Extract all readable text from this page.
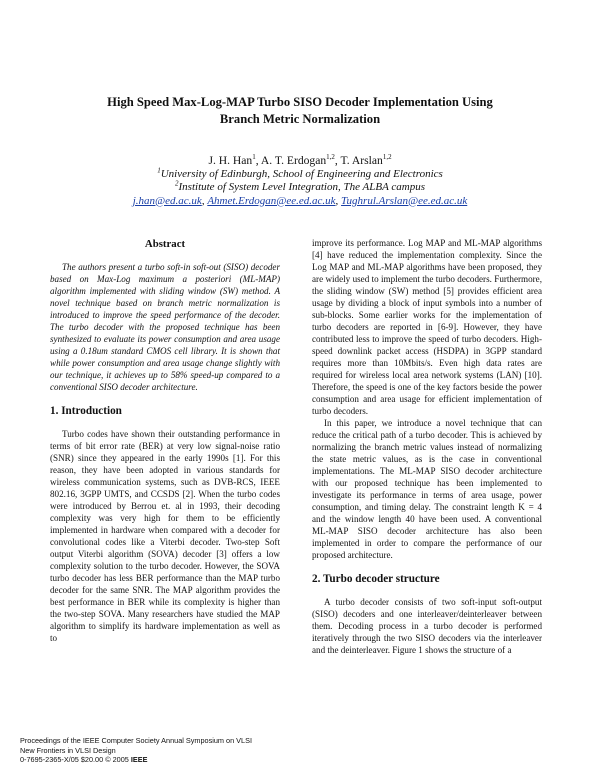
High Speed Max-Log-MAP Turbo SISO Decoder Implementation Using
Branch Metric Normalization
J. H. Han$^1$, A. T. Erdogan$^{1,2}$, T. Arslan$^{1,2}$
$^1$University of Edinburgh, School of Engineering and Electronics
$^2$Institute of System Level Integration, The ALBA campus
j.han@ed.ac.uk, Ahmet.Erdogan@ee.ed.ac.uk, Tughrul.Arslan@ee.ed.ac.uk
Abstract

The authors present a turbo soft-in soft-out (SISO) decoder based on Max-Log maximum a posteriori (ML-MAP) algorithm implemented with sliding window (SW) method. A novel technique based on branch metric normalization is introduced to improve the speed performance of the decoder. The turbo decoder with the proposed technique has been synthesized to evaluate its power consumption and area usage using a 0.18um standard CMOS cell library. It is shown that while power consumption and area usage change slightly with our technique, it achieves up to 58% speed-up compared to a conventional SISO decoder architecture.

1. Introduction

Turbo codes have shown their outstanding performance in terms of bit error rate (BER) at very low signal-noise ratio (SNR) since they appeared in the early 1990s [1]. For this reason, they have been adopted in various standards for wireless communication systems, such as DVB-RCS, IEEE 802.16, 3GPP UMTS, and CCSDS [2]. When the turbo codes were introduced by Berrou et. al in 1993, their decoding complexity was very high for them to be efficiently implemented in hardware when compared with a decoder for convolutional codes like a Viterbi decoder. Two-step Soft output Viterbi algorithm (SOVA) decoder [3] offers a low complexity solution to the turbo decoder. However, the SOVA turbo decoder has less BER performance than the MAP turbo decoder for the same SNR. The MAP algorithm provides the best performance in BER while its complexity is higher than the two-step SOVA. Many researchers have studied the MAP algorithm to simplify its hardware implementation as well as to

improve its performance. Log MAP and ML-MAP algorithms [4] have reduced the implementation complexity. Since the Log MAP and ML-MAP algorithms have been proposed, they are widely used to implement the turbo decoders. Furthermore, the sliding window (SW) method [5] provides efficient area usage by dividing a block of input symbols into a number of sub-blocks. Some earlier works for the implementation of turbo decoders are reported in [6-9]. However, they have contributed less to improve the speed of turbo decoders. High-speed downlink packet access (HSDPA) in 3GPP standard requires more than 10Mbits/s. Even high data rates are required for wireless local area network systems (LAN) [10]. Therefore, the speed is one of the key factors beside the power consumption and area usage for efficient implementation of turbo decoders.

In this paper, we introduce a novel technique that can reduce the critical path of a turbo decoder. This is achieved by normalizing the branch metric values instead of normalizing the state metric values, as is the case in conventional implementations. The ML-MAP SISO decoder architecture with our proposed technique has been implemented to investigate its performance in terms of area usage, power consumption, and timing delay. The constraint length K = 4 and the window length 40 have been used. A conventional ML-MAP SISO decoder architecture has also been implemented in order to compare the performance of our proposed architecture.

2. Turbo decoder structure

A turbo decoder consists of two soft-input soft-output (SISO) decoders and one interleaver/deinterleaver between them. Decoding process in a turbo decoder is performed iteratively through the two SISO decoders via the interleaver and the deinterleaver. Figure 1 shows the structure of a

Proceedings of the IEEE Computer Society Annual Symposium on VLSI
New Frontiers in VLSI Design
0-7695-2365-X/05 $20.00 © 2005 IEEE
